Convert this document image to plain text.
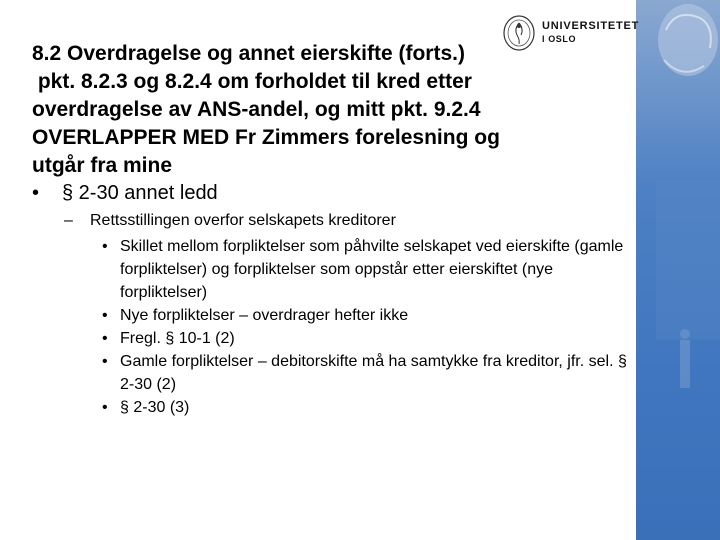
UNIVERSITETET
I OSLO
8.2 Overdragelse og annet eierskifte (forts.)
pkt. 8.2.3 og 8.2.4 om forholdet til kred etter
overdragelse av ANS-andel, og mitt pkt. 9.2.4
OVERLAPPER MED Fr Zimmers forelesning og
utgår fra mine
• § 2-30 annet ledd
– Rettsstillingen overfor selskapets kreditorer
• Skillet mellom forpliktelser som påhvilte selskapet ved eierskifte (gamle forpliktelser) og forpliktelser som oppstår etter eierskiftet (nye forpliktelser)
• Nye forpliktelser – overdrager hefter ikke
• Fregl. § 10-1 (2)
• Gamle forpliktelser – debitorskifte må ha samtykke fra kreditor, jfr. sel. § 2-30 (2)
• § 2-30 (3)
